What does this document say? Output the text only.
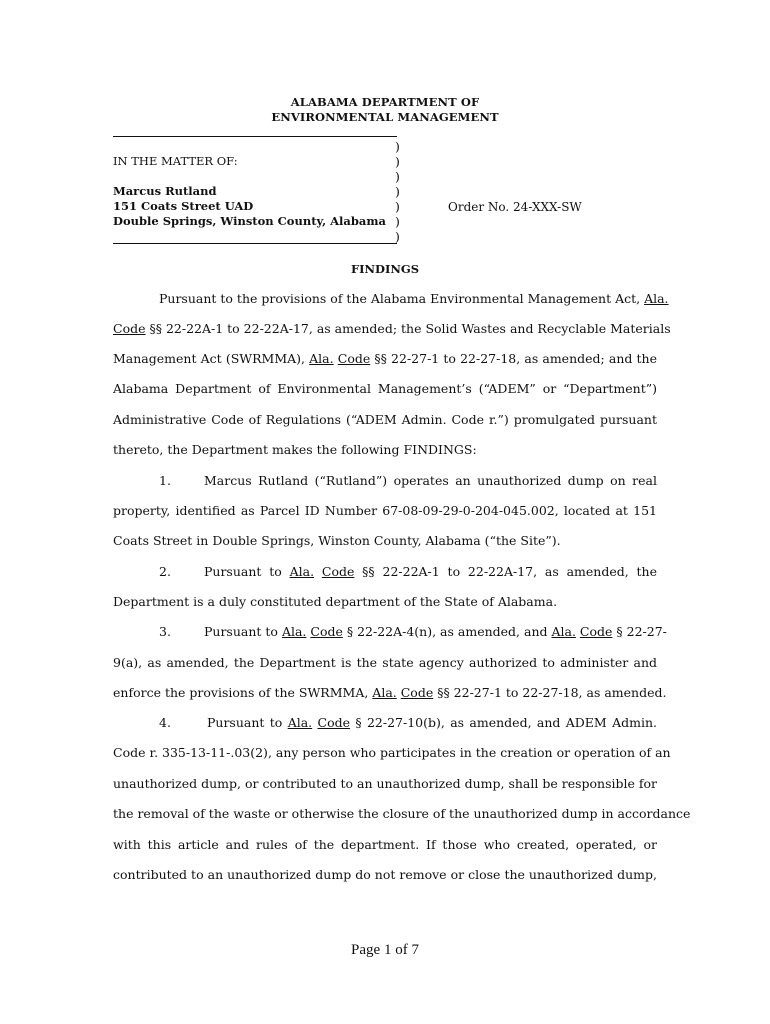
ALABAMA DEPARTMENT OF
ENVIRONMENTAL MANAGEMENT
)
)
)
)
)
)
)
IN THE MATTER OF:
Marcus Rutland
151 Coats Street UAD
Double Springs, Winston County, Alabama
Order No. 24-XXX-SW
FINDINGS
Pursuant to the provisions of the Alabama Environmental Management Act, Ala.
Code §§ 22-22A-1 to 22-22A-17, as amended; the Solid Wastes and Recyclable Materials
Management Act (SWRMMA), Ala. Code §§ 22-27-1 to 22-27-18, as amended; and the
Alabama Department of Environmental Management’s (“ADEM” or “Department”)
Administrative Code of Regulations (“ADEM Admin. Code r.”) promulgated pursuant
thereto, the Department makes the following FINDINGS:
1.	Marcus Rutland (“Rutland”) operates an unauthorized dump on real
property, identified as Parcel ID Number 67-08-09-29-0-204-045.002, located at 151
Coats Street in Double Springs, Winston County, Alabama (“the Site”).
2.	Pursuant to Ala. Code §§ 22-22A-1 to 22-22A-17, as amended, the
Department is a duly constituted department of the State of Alabama.
3.	Pursuant to Ala. Code § 22-22A-4(n), as amended, and Ala. Code § 22-27-
9(a), as amended, the Department is the state agency authorized to administer and
enforce the provisions of the SWRMMA, Ala. Code §§ 22-27-1 to 22-27-18, as amended.
4.	Pursuant to Ala. Code § 22-27-10(b), as amended, and ADEM Admin.
Code r. 335-13-11-.03(2), any person who participates in the creation or operation of an
unauthorized dump, or contributed to an unauthorized dump, shall be responsible for
the removal of the waste or otherwise the closure of the unauthorized dump in accordance
with this article and rules of the department. If those who created, operated, or
contributed to an unauthorized dump do not remove or close the unauthorized dump,
Page 1 of 7
